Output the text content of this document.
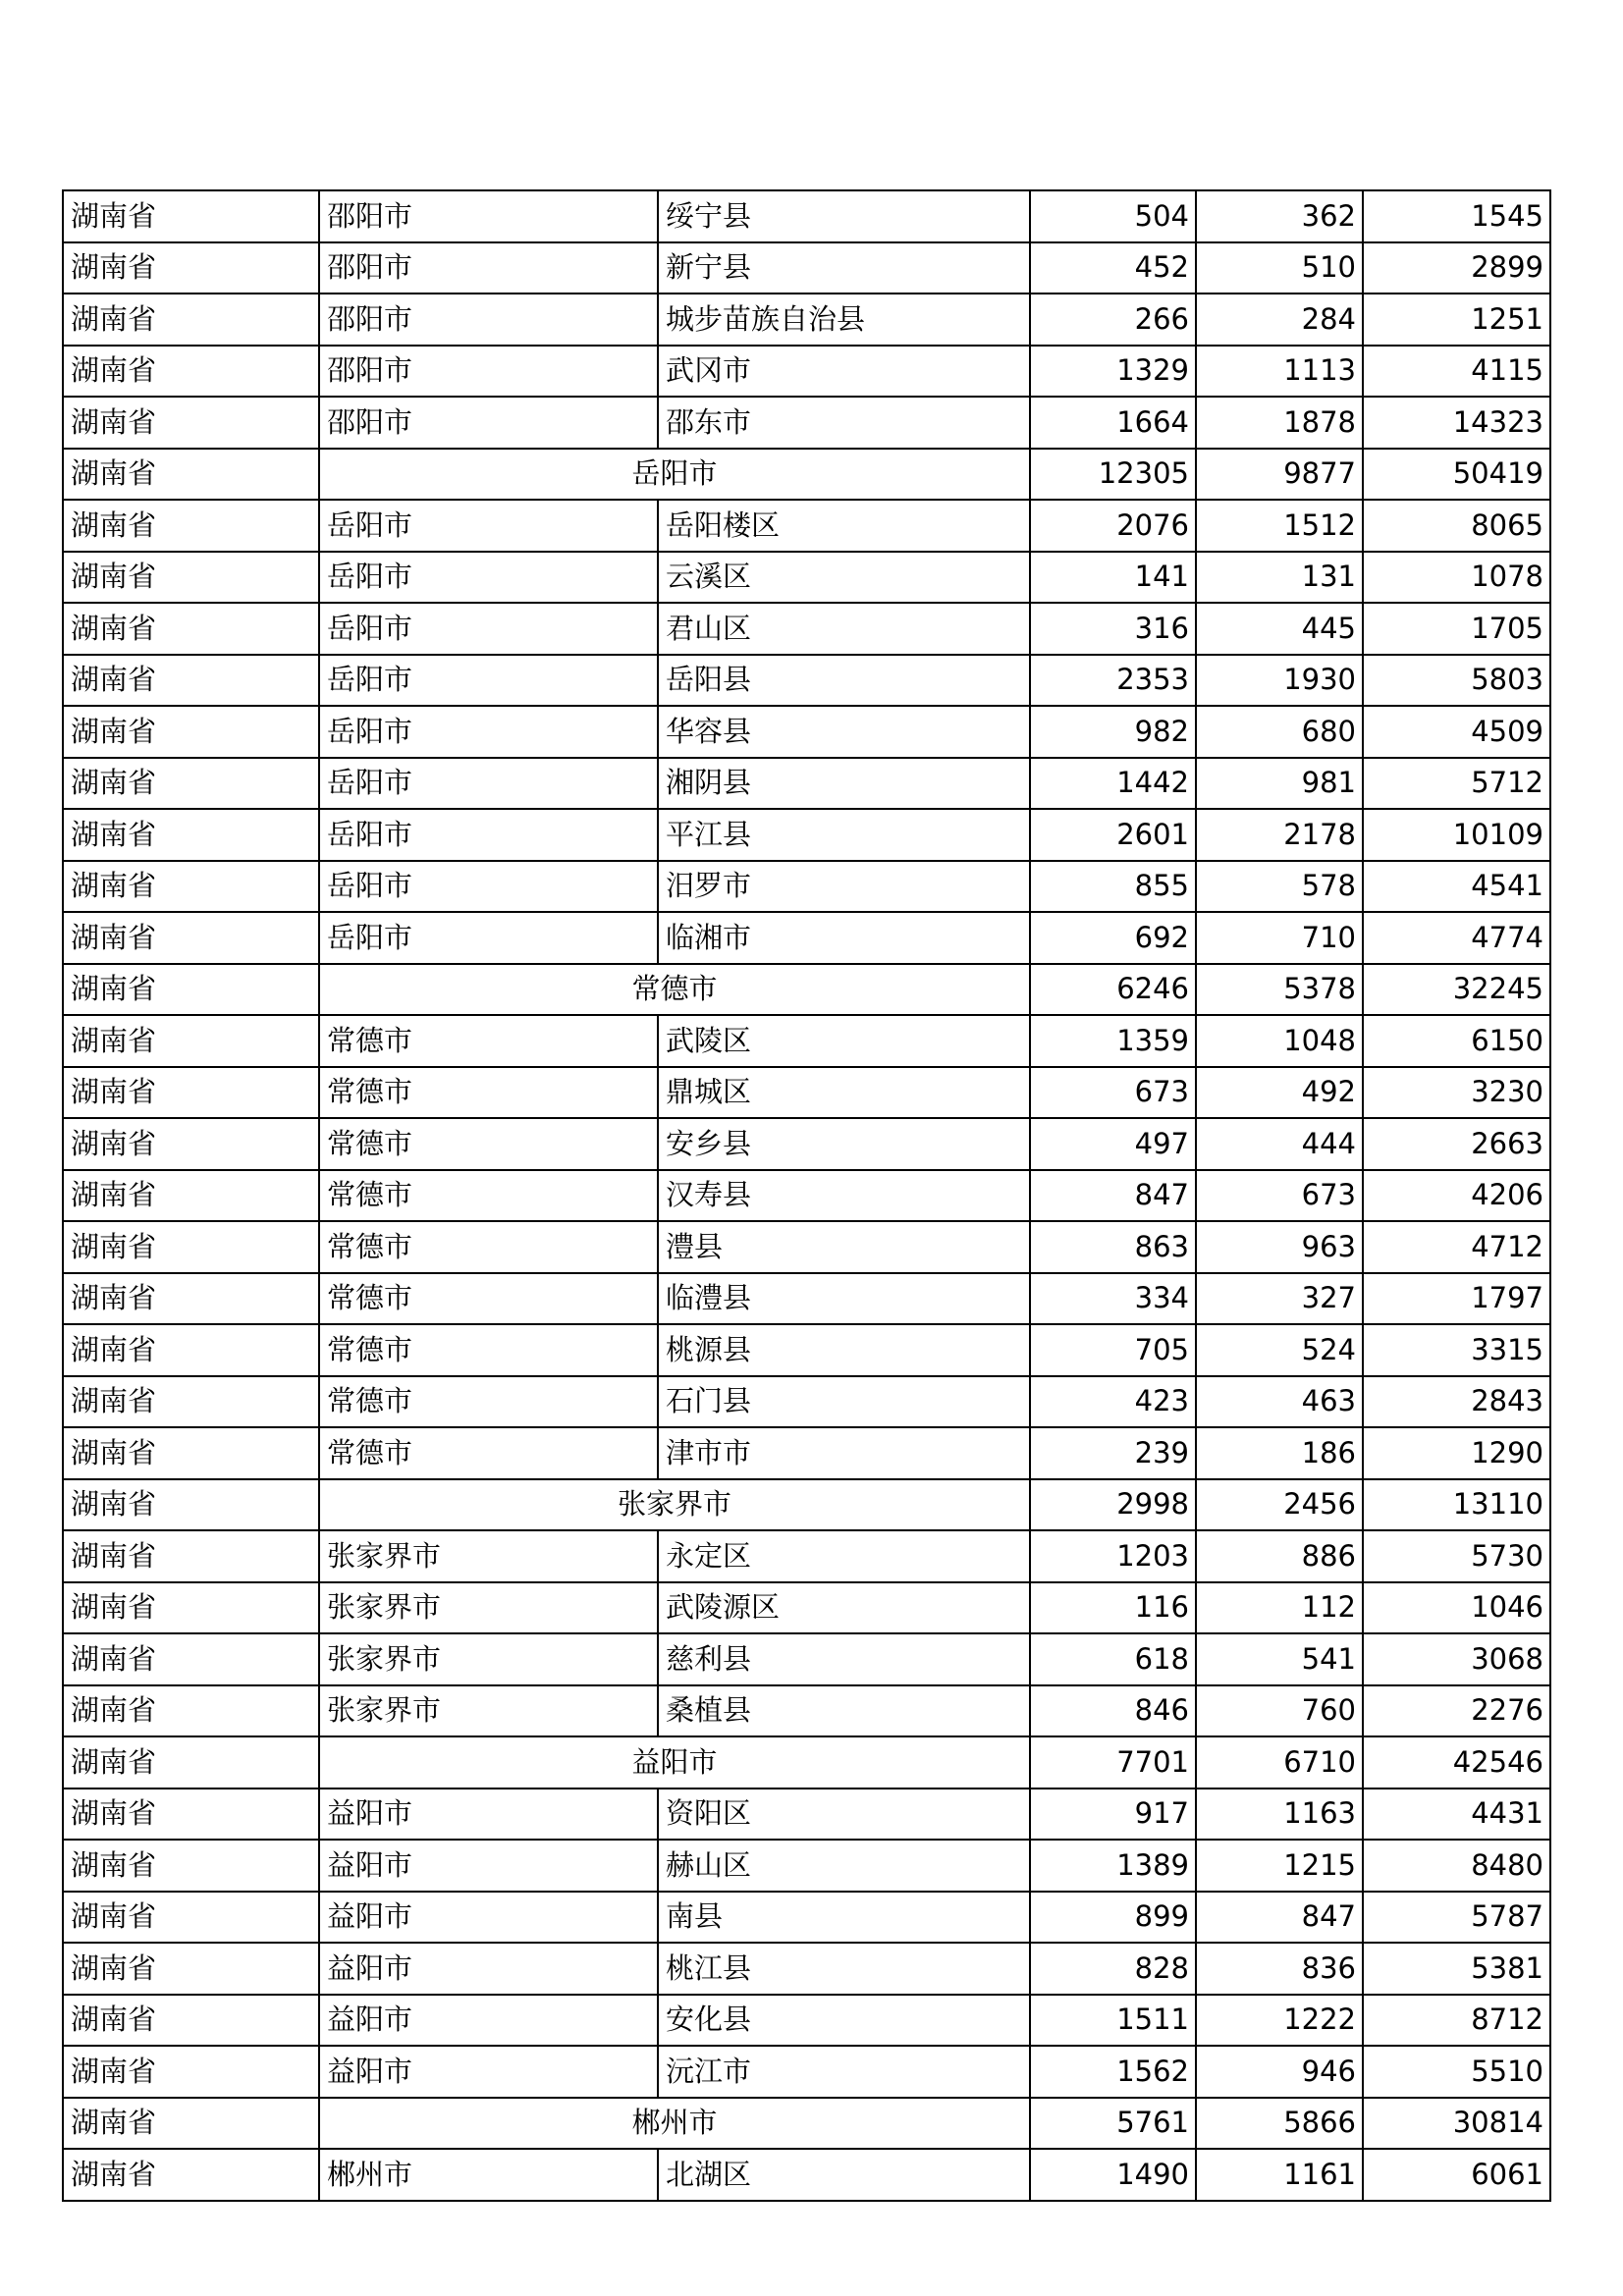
湖南省	邵阳市	绥宁县	504	362	1545
湖南省	邵阳市	新宁县	452	510	2899
湖南省	邵阳市	城步苗族自治县	266	284	1251
湖南省	邵阳市	武冈市	1329	1113	4115
湖南省	邵阳市	邵东市	1664	1878	14323
湖南省	岳阳市		12305	9877	50419
湖南省	岳阳市	岳阳楼区	2076	1512	8065
湖南省	岳阳市	云溪区	141	131	1078
湖南省	岳阳市	君山区	316	445	1705
湖南省	岳阳市	岳阳县	2353	1930	5803
湖南省	岳阳市	华容县	982	680	4509
湖南省	岳阳市	湘阴县	1442	981	5712
湖南省	岳阳市	平江县	2601	2178	10109
湖南省	岳阳市	汨罗市	855	578	4541
湖南省	岳阳市	临湘市	692	710	4774
湖南省	常德市		6246	5378	32245
湖南省	常德市	武陵区	1359	1048	6150
湖南省	常德市	鼎城区	673	492	3230
湖南省	常德市	安乡县	497	444	2663
湖南省	常德市	汉寿县	847	673	4206
湖南省	常德市	澧县	863	963	4712
湖南省	常德市	临澧县	334	327	1797
湖南省	常德市	桃源县	705	524	3315
湖南省	常德市	石门县	423	463	2843
湖南省	常德市	津市市	239	186	1290
湖南省	张家界市		2998	2456	13110
湖南省	张家界市	永定区	1203	886	5730
湖南省	张家界市	武陵源区	116	112	1046
湖南省	张家界市	慈利县	618	541	3068
湖南省	张家界市	桑植县	846	760	2276
湖南省	益阳市		7701	6710	42546
湖南省	益阳市	资阳区	917	1163	4431
湖南省	益阳市	赫山区	1389	1215	8480
湖南省	益阳市	南县	899	847	5787
湖南省	益阳市	桃江县	828	836	5381
湖南省	益阳市	安化县	1511	1222	8712
湖南省	益阳市	沅江市	1562	946	5510
湖南省	郴州市		5761	5866	30814
湖南省	郴州市	北湖区	1490	1161	6061
